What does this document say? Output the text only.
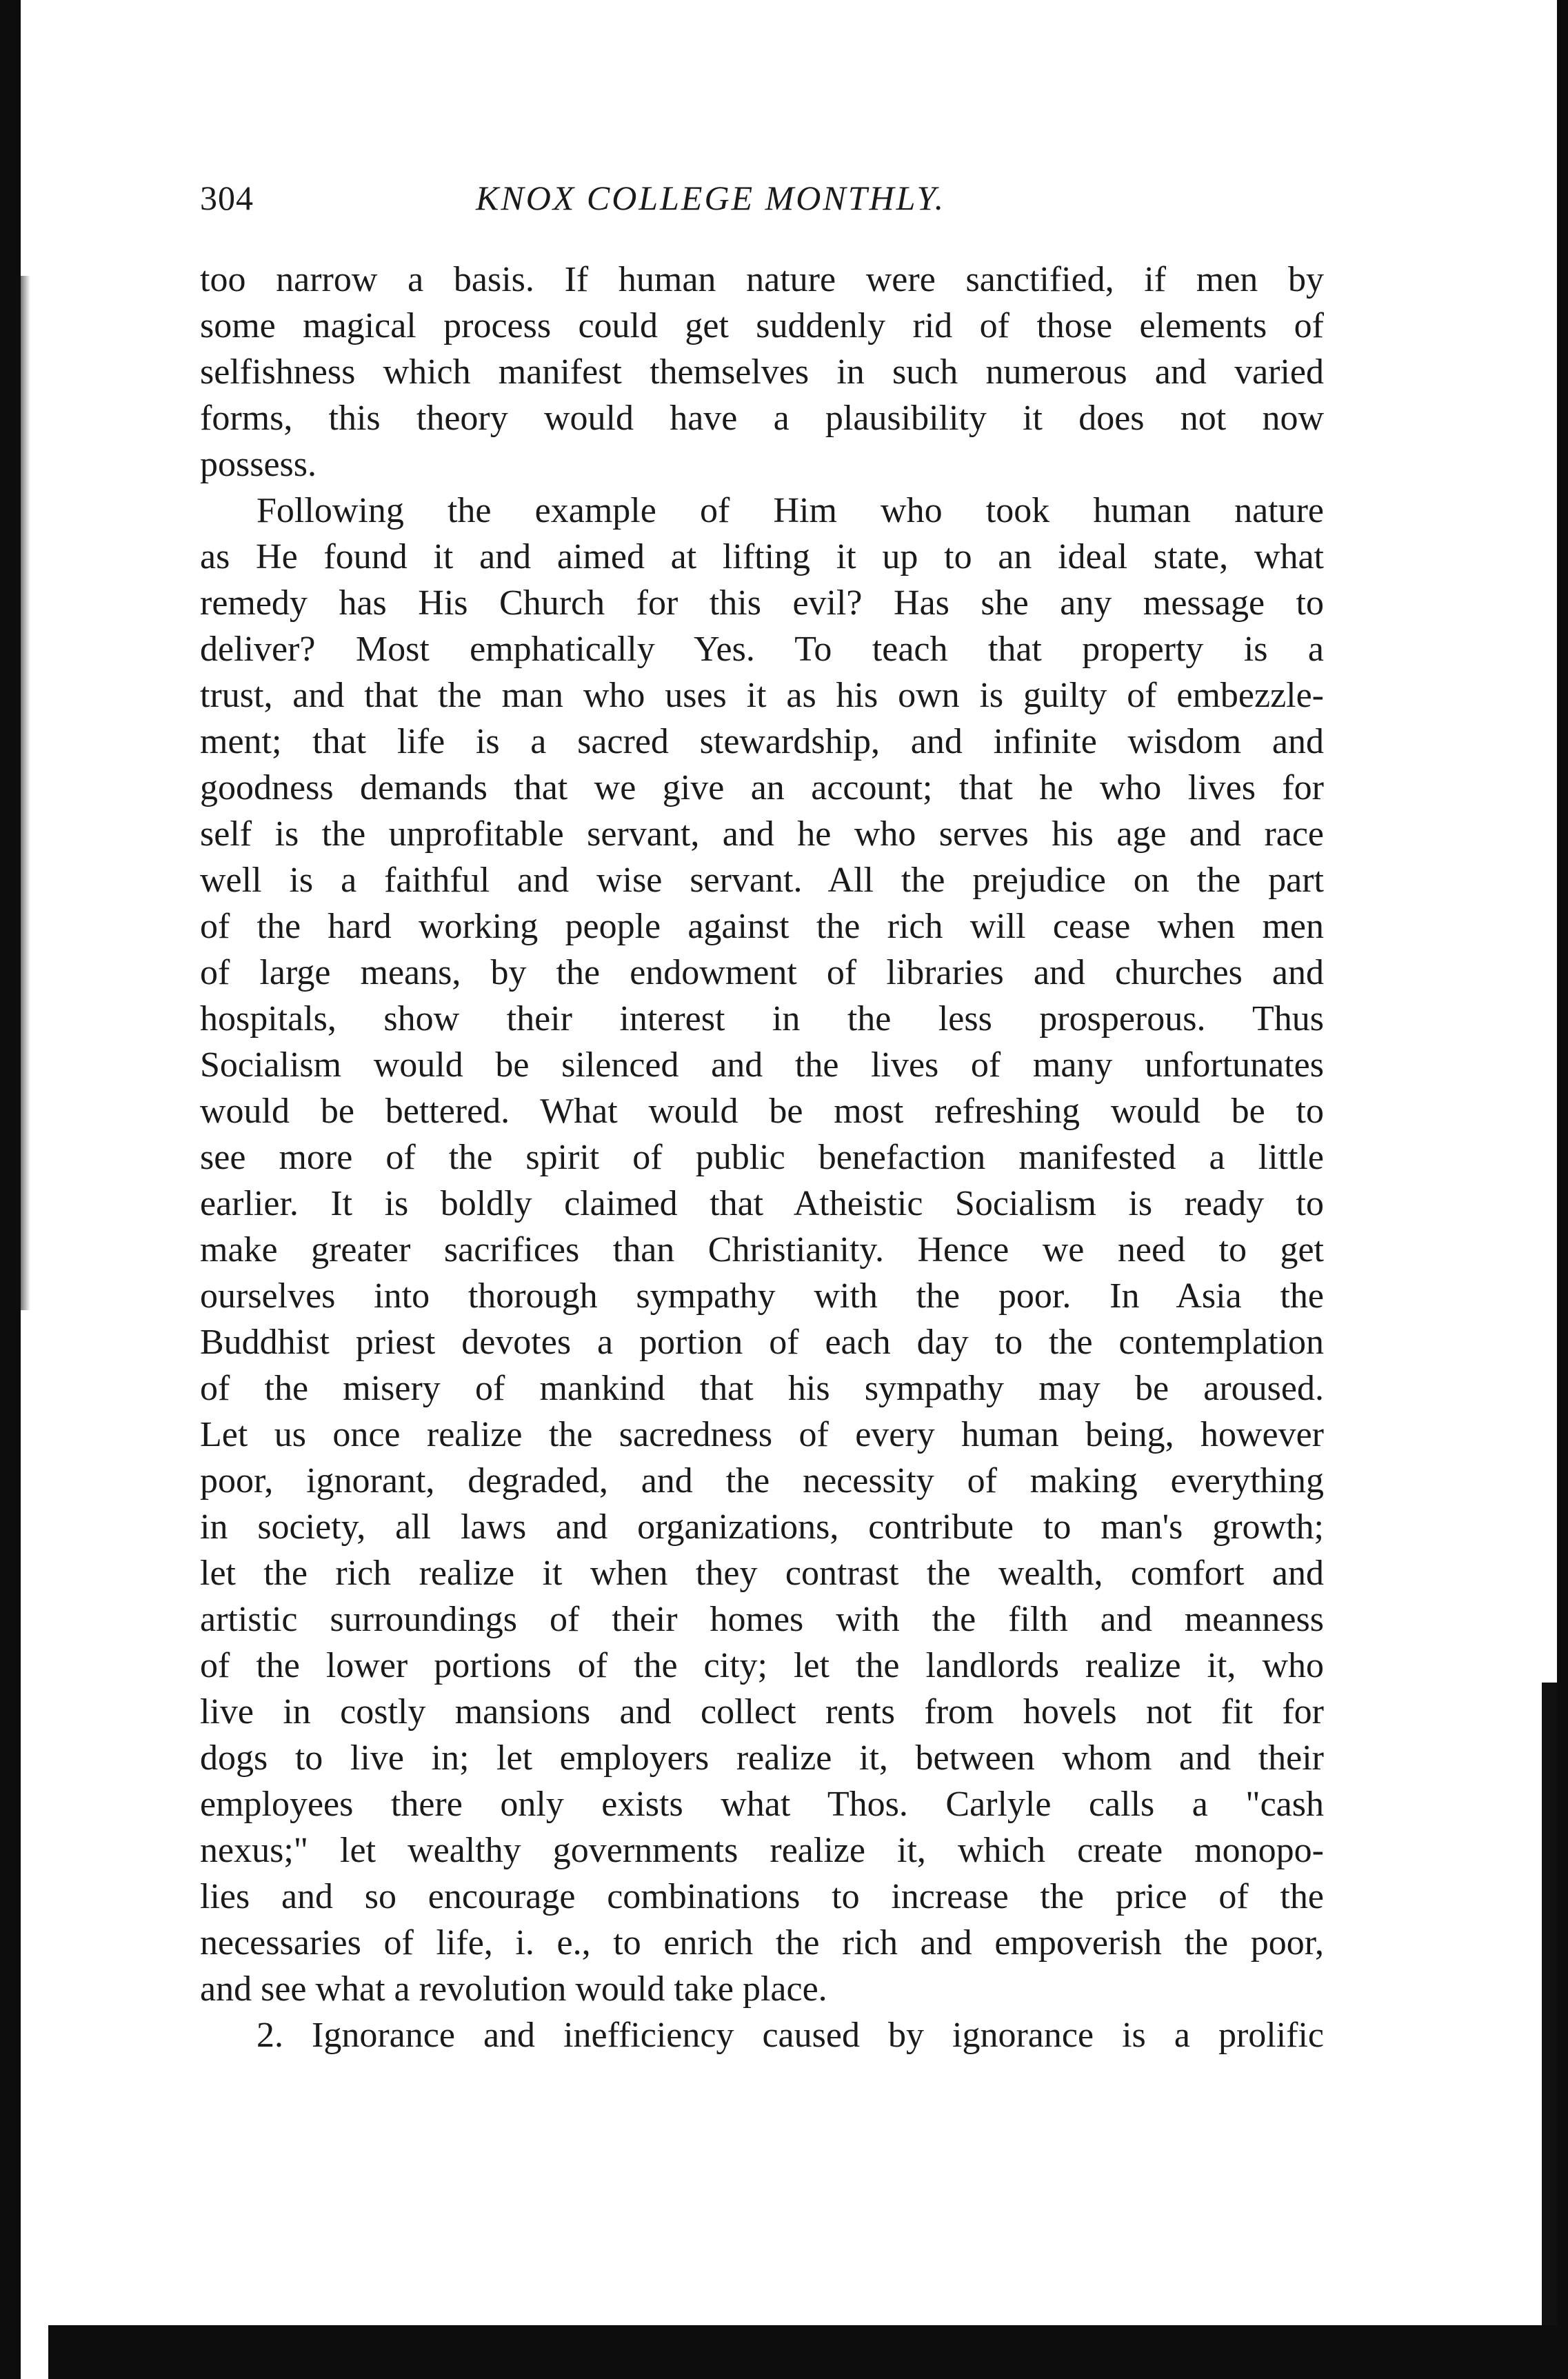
304	KNOX COLLEGE MONTHLY.
too narrow a basis. If human nature were sanctified, if men by
some magical process could get suddenly rid of those elements of
selfishness which manifest themselves in such numerous and varied
forms, this theory would have a plausibility it does not now
possess.
Following the example of Him who took human nature
as He found it and aimed at lifting it up to an ideal state, what
remedy has His Church for this evil? Has she any message to
deliver? Most emphatically Yes. To teach that property is a
trust, and that the man who uses it as his own is guilty of embezzle-
ment; that life is a sacred stewardship, and infinite wisdom and
goodness demands that we give an account; that he who lives for
self is the unprofitable servant, and he who serves his age and race
well is a faithful and wise servant. All the prejudice on the part
of the hard working people against the rich will cease when men
of large means, by the endowment of libraries and churches and
hospitals, show their interest in the less prosperous. Thus
Socialism would be silenced and the lives of many unfortunates
would be bettered. What would be most refreshing would be to
see more of the spirit of public benefaction manifested a little
earlier. It is boldly claimed that Atheistic Socialism is ready to
make greater sacrifices than Christianity. Hence we need to get
ourselves into thorough sympathy with the poor. In Asia the
Buddhist priest devotes a portion of each day to the contemplation
of the misery of mankind that his sympathy may be aroused.
Let us once realize the sacredness of every human being, however
poor, ignorant, degraded, and the necessity of making everything
in society, all laws and organizations, contribute to man's growth;
let the rich realize it when they contrast the wealth, comfort and
artistic surroundings of their homes with the filth and meanness
of the lower portions of the city; let the landlords realize it, who
live in costly mansions and collect rents from hovels not fit for
dogs to live in; let employers realize it, between whom and their
employees there only exists what Thos. Carlyle calls a "cash
nexus;" let wealthy governments realize it, which create monopo-
lies and so encourage combinations to increase the price of the
necessaries of life, i. e., to enrich the rich and empoverish the poor,
and see what a revolution would take place.
2. Ignorance and inefficiency caused by ignorance is a prolific
